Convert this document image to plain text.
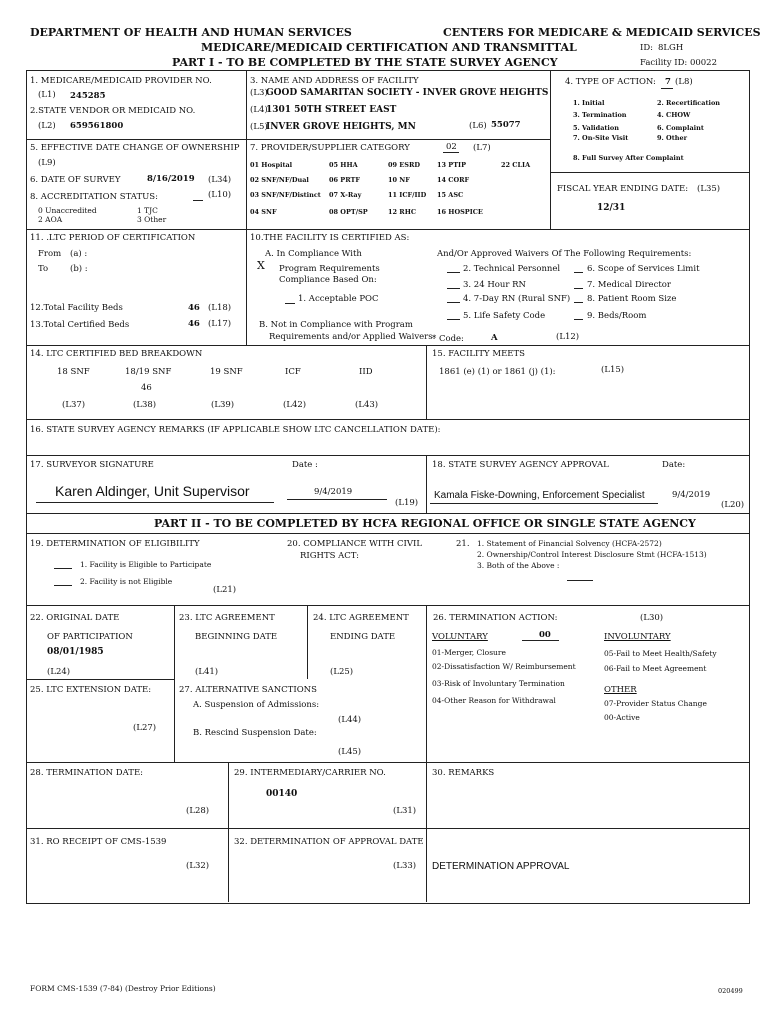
DEPARTMENT OF HEALTH AND HUMAN SERVICES	CENTERS FOR MEDICARE & MEDICAID SERVICES
MEDICARE/MEDICAID CERTIFICATION AND TRANSMITTAL
PART I - TO BE COMPLETED BY THE STATE SURVEY AGENCY
ID: 8LGH
Facility ID: 00022
1. MEDICARE/MEDICAID PROVIDER NO.
(L1) 245285
2.STATE VENDOR OR MEDICAID NO.
(L2) 659561800
3. NAME AND ADDRESS OF FACILITY
(L3)
GOOD SAMARITAN SOCIETY - INVER GROVE HEIGHTS
(L4)
1301 50TH STREET EAST
(L5)
INVER GROVE HEIGHTS, MN	(L6) 55077
4. TYPE OF ACTION: 7 (L8)
1. Initial	2. Recertification
3. Termination	4. CHOW
5. Validation	6. Complaint
7. On-Site Visit	9. Other
8. Full Survey After Complaint
5. EFFECTIVE DATE CHANGE OF OWNERSHIP
(L9)
6. DATE OF SURVEY	8/16/2019 (L34)
8. ACCREDITATION STATUS:	(L10)
0 Unaccredited	1 TJC
2 AOA	3 Other
7. PROVIDER/SUPPLIER CATEGORY	02 (L7)
01 Hospital	05 HHA	09 ESRD	13 PTIP	22 CLIA
02 SNF/NF/Dual	06 PRTF	10 NF	14 CORF
03 SNF/NF/Distinct 07 X-Ray	11 ICF/IID 15 ASC
04 SNF	08 OPT/SP	12 RHC	16 HOSPICE
FISCAL YEAR ENDING DATE: (L35)
12/31
11. .LTC PERIOD OF CERTIFICATION
From (a) :
To	(b) :
12.Total Facility Beds	46 (L18)
13.Total Certified Beds	46 (L17)
10.THE FACILITY IS CERTIFIED AS:
A. In Compliance With
X Program Requirements
Compliance Based On:
1. Acceptable POC
B. Not in Compliance with Program
Requirements and/or Applied Waivers:
And/Or Approved Waivers Of The Following Requirements:
2. Technical Personnel
3. 24 Hour RN
4. 7-Day RN (Rural SNF)
5. Life Safety Code
6. Scope of Services Limit
7. Medical Director
8. Patient Room Size
9. Beds/Room
* Code:	A	(L12)
14. LTC CERTIFIED BED BREAKDOWN
18 SNF	18/19 SNF	19 SNF	ICF	IID
46
(L37)	(L38)	(L39)	(L42)	(L43)
15. FACILITY MEETS
1861 (e) (1) or 1861 (j) (1):	(L15)
16. STATE SURVEY AGENCY REMARKS (IF APPLICABLE SHOW LTC CANCELLATION DATE):
17. SURVEYOR SIGNATURE	Date :
Karen Aldinger, Unit Supervisor	9/4/2019
(L19)
18. STATE SURVEY AGENCY APPROVAL	Date:
Kamala Fiske-Downing, Enforcement Specialist	9/4/2019
(L20)
PART II - TO BE COMPLETED BY HCFA REGIONAL OFFICE OR SINGLE STATE AGENCY
19. DETERMINATION OF ELIGIBILITY
1. Facility is Eligible to Participate
2. Facility is not Eligible
(L21)
20. COMPLIANCE WITH CIVIL
RIGHTS ACT:
21. 1. Statement of Financial Solvency (HCFA-2572)
2. Ownership/Control Interest Disclosure Stmt (HCFA-1513)
3. Both of the Above :
22. ORIGINAL DATE
OF PARTICIPATION
08/01/1985
(L24)
23. LTC AGREEMENT
BEGINNING DATE
(L41)
24. LTC AGREEMENT
ENDING DATE
(L25)
25. LTC EXTENSION DATE:
(L27)
27. ALTERNATIVE SANCTIONS
A. Suspension of Admissions:
(L44)
B. Rescind Suspension Date:
(L45)
26. TERMINATION ACTION:	(L30)
VOLUNTARY	00	INVOLUNTARY
01-Merger, Closure
02-Dissatisfaction W/ Reimbursement
03-Risk of Involuntary Termination
04-Other Reason for Withdrawal
05-Fail to Meet Health/Safety
06-Fail to Meet Agreement
OTHER
07-Provider Status Change
00-Active
28. TERMINATION DATE:
(L28)
29. INTERMEDIARY/CARRIER NO.
00140
(L31)
30. REMARKS
31. RO RECEIPT OF CMS-1539
(L32)
32. DETERMINATION OF APPROVAL DATE
(L33) DETERMINATION APPROVAL
FORM CMS-1539 (7-84) (Destroy Prior Editions)	020499
